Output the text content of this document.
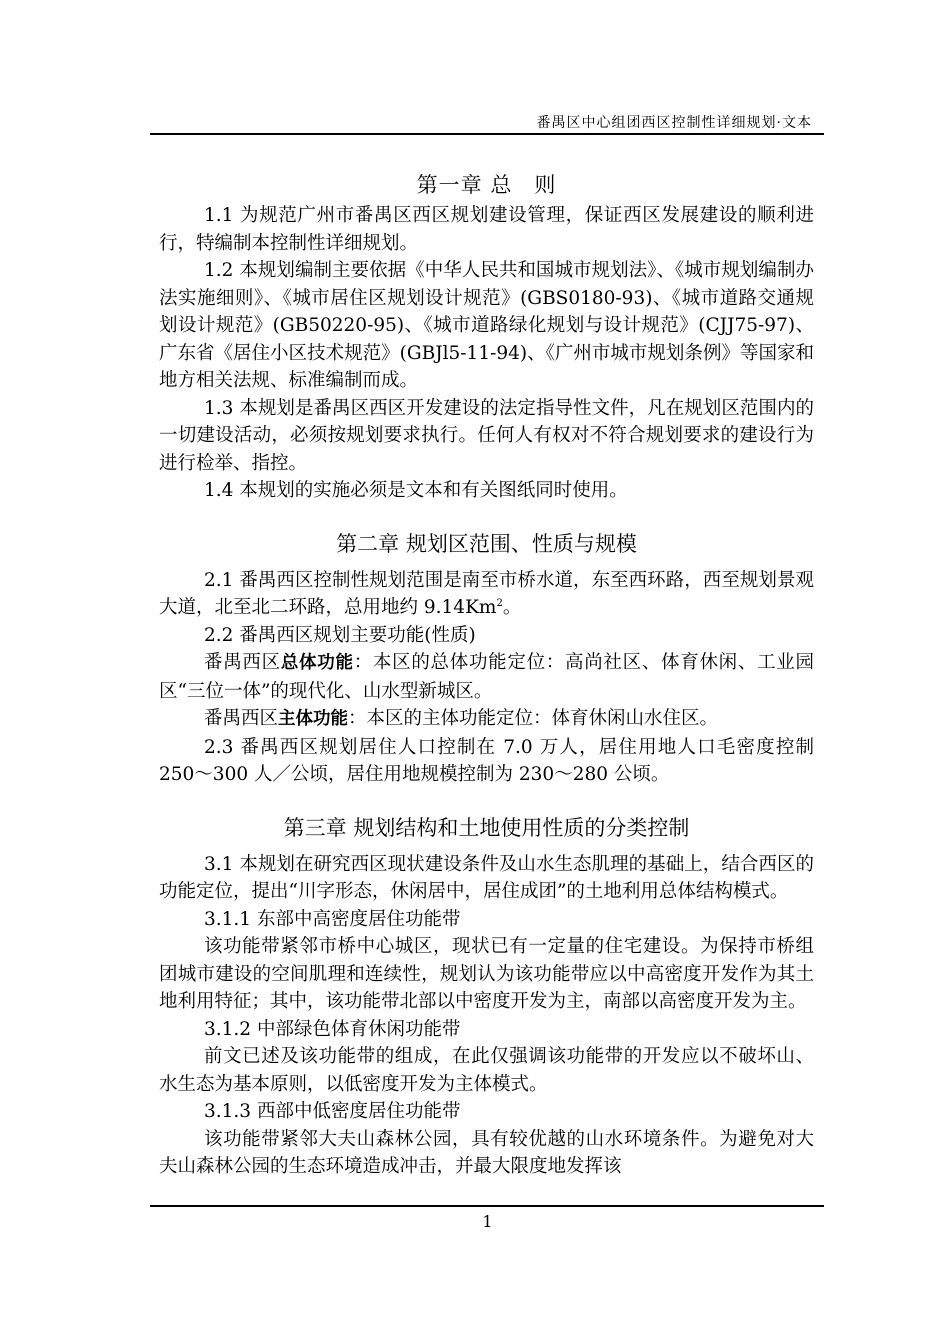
番禺区中心组团西区控制性详细规划·文本
第一章 总　则

1.1 为规范广州市番禺区西区规划建设管理，保证西区发展建设的顺利进行，特编制本控制性详细规划。

1.2 本规划编制主要依据《中华人民共和国城市规划法》、《城市规划编制办法实施细则》、《城市居住区规划设计规范》(GBS0180-93)、《城市道路交通规划设计规范》(GB50220-95)、《城市道路绿化规划与设计规范》(CJJ75-97)、广东省《居住小区技术规范》(GBJl5-11-94)、《广州市城市规划条例》等国家和地方相关法规、标准编制而成。

1.3 本规划是番禺区西区开发建设的法定指导性文件，凡在规划区范围内的一切建设活动，必须按规划要求执行。任何人有权对不符合规划要求的建设行为进行检举、指控。

1.4 本规划的实施必须是文本和有关图纸同时使用。

第二章 规划区范围、性质与规模

2.1 番禺西区控制性规划范围是南至市桥水道，东至西环路，西至规划景观大道，北至北二环路，总用地约 9.14Km$^2$。

2.2 番禺西区规划主要功能(性质)

番禺西区总体功能：本区的总体功能定位：高尚社区、体育休闲、工业园区“三位一体”的现代化、山水型新城区。

番禺西区主体功能：本区的主体功能定位：体育休闲山水住区。

2.3 番禺西区规划居住人口控制在 7.0 万人，居住用地人口毛密度控制 250～300 人／公顷，居住用地规模控制为 230～280 公顷。

第三章 规划结构和土地使用性质的分类控制

3.1 本规划在研究西区现状建设条件及山水生态肌理的基础上，结合西区的功能定位，提出“川字形态，休闲居中，居住成团”的土地利用总体结构模式。

3.1.1 东部中高密度居住功能带

该功能带紧邻市桥中心城区，现状已有一定量的住宅建设。为保持市桥组团城市建设的空间肌理和连续性，规划认为该功能带应以中高密度开发作为其土地利用特征；其中，该功能带北部以中密度开发为主，南部以高密度开发为主。

3.1.2 中部绿色体育休闲功能带

前文已述及该功能带的组成，在此仅强调该功能带的开发应以不破坏山、水生态为基本原则，以低密度开发为主体模式。

3.1.3 西部中低密度居住功能带

该功能带紧邻大夫山森林公园，具有较优越的山水环境条件。为避免对大夫山森林公园的生态环境造成冲击，并最大限度地发挥该

1
